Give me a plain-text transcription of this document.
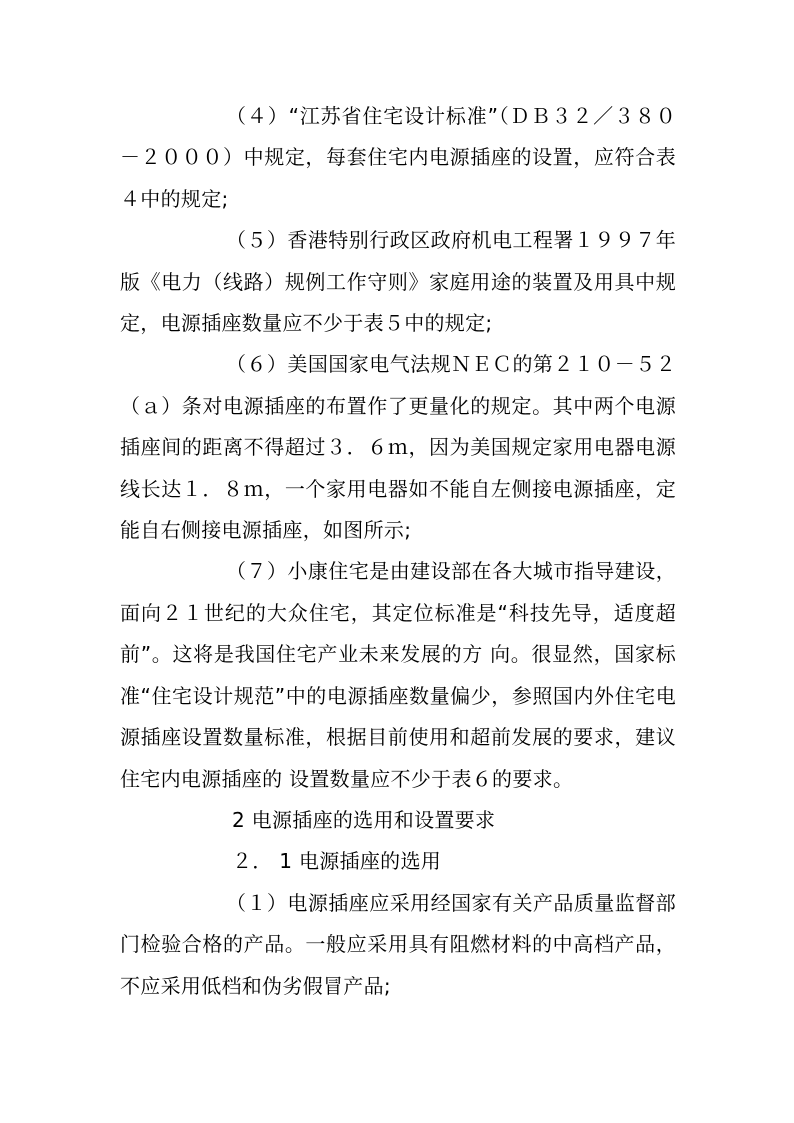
（４）“江苏省住宅设计标准”（ＤＢ３２／３８０－２０００）中规定，每套住宅内电源插座的设置，应符合表４中的规定;

（５）香港特别行政区政府机电工程署１９９７年版《电力（线路）规例工作守则》家庭用途的装置及用具中规定，电源插座数量应不少于表５中的规定;

（６）美国国家电气法规ＮＥＣ的第２１０－５２（ａ）条对电源插座的布置作了更量化的规定。其中两个电源插座间的距离不得超过３．６ｍ，因为美国规定家用电器电源线长达１．８ｍ，一个家用电器如不能自左侧接电源插座，定能自右侧接电源插座，如图所示;

（７）小康住宅是由建设部在各大城市指导建设，面向２１世纪的大众住宅，其定位标准是“科技先导，适度超前”。这将是我国住宅产业未来发展的方 向。很显然，国家标准“住宅设计规范”中的电源插座数量偏少，参照国内外住宅电源插座设置数量标准，根据目前使用和超前发展的要求，建议住宅内电源插座的 设置数量应不少于表６的要求。

2 电源插座的选用和设置要求

２． 1 电源插座的选用

（１）电源插座应采用经国家有关产品质量监督部门检验合格的产品。一般应采用具有阻燃材料的中高档产品，不应采用低档和伪劣假冒产品;
